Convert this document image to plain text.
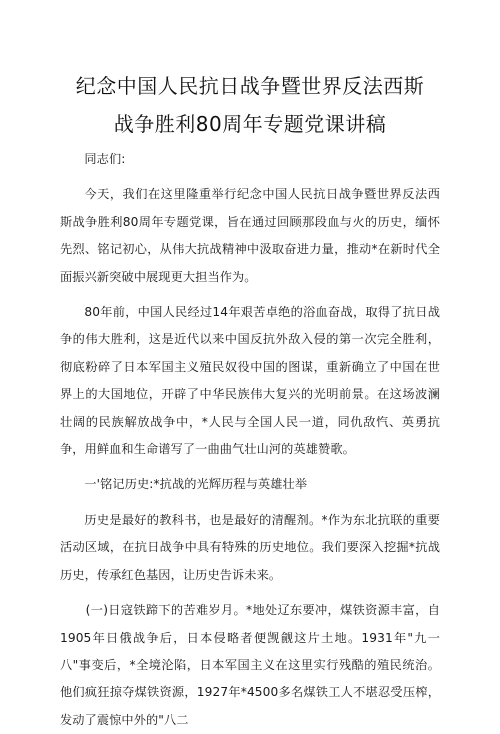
纪念中国人民抗日战争暨世界反法西斯
战争胜利80周年专题党课讲稿

同志们:

今天，我们在这里隆重举行纪念中国人民抗日战争暨世界反法西斯战争胜利80周年专题党课，旨在通过回顾那段血与火的历史，缅怀先烈、铭记初心，从伟大抗战精神中汲取奋进力量，推动*在新时代全面振兴新突破中展现更大担当作为。

80年前，中国人民经过14年艰苦卓绝的浴血奋战，取得了抗日战争的伟大胜利，这是近代以来中国反抗外敌入侵的第一次完全胜利，彻底粉碎了日本军国主义殖民奴役中国的图谋，重新确立了中国在世界上的大国地位，开辟了中华民族伟大复兴的光明前景。在这场波澜壮阔的民族解放战争中，*人民与全国人民一道，同仇敌忾、英勇抗争，用鲜血和生命谱写了一曲曲气壮山河的英雄赞歌。

一'铭记历史:*抗战的光辉历程与英雄壮举

历史是最好的教科书，也是最好的清醒剂。*作为东北抗联的重要活动区域，在抗日战争中具有特殊的历史地位。我们要深入挖掘*抗战历史，传承红色基因，让历史告诉未来。

(一)日寇铁蹄下的苦难岁月。*地处辽东要冲，煤铁资源丰富，自1905年日俄战争后，日本侵略者便觊觎这片土地。1931年"九一八"事变后，*全境沦陷，日本军国主义在这里实行残酷的殖民统治。他们疯狂掠夺煤铁资源，1927年*4500多名煤铁工人不堪忍受压榨，发动了震惊中外的"八二
